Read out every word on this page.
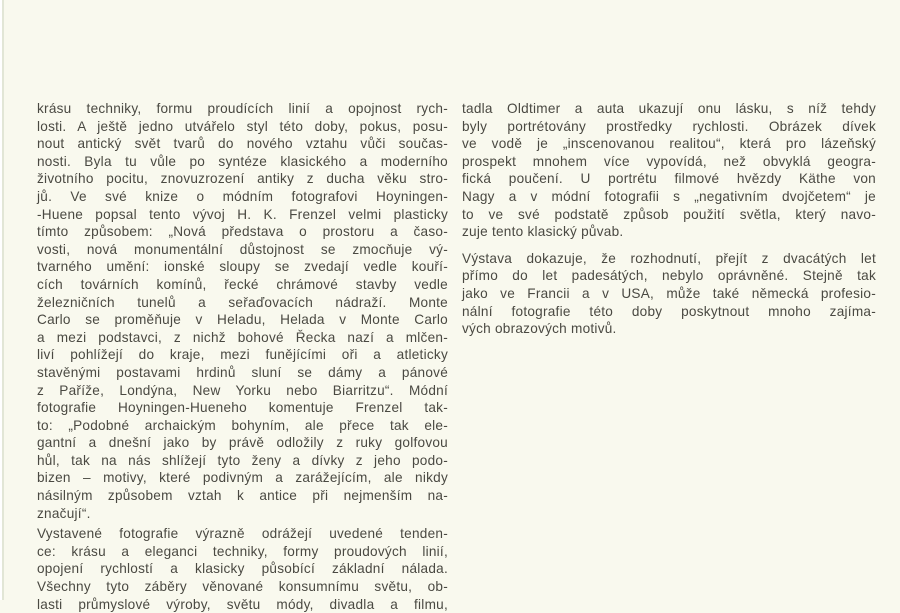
krásu techniky, formu proudících linií a opojnost rych-
losti. A ještě jedno utvářelo styl této doby, pokus, posu-
nout antický svět tvarů do nového vztahu vůči součas-
nosti. Byla tu vůle po syntéze klasického a moderního
životního pocitu, znovuzrození antiky z ducha věku stro-
jů. Ve své knize o módním fotografovi Hoyningen-
-Huene popsal tento vývoj H. K. Frenzel velmi plasticky
tímto způsobem: „Nová představa o prostoru a časo-
vosti, nová monumentální důstojnost se zmocňuje vý-
tvarného umění: ionské sloupy se zvedají vedle kouří-
cích továrních komínů, řecké chrámové stavby vedle
železničních tunelů a seřaďovacích nádraží. Monte
Carlo se proměňuje v Heladu, Helada v Monte Carlo
a mezi podstavci, z nichž bohové Řecka nazí a mlčen-
liví pohlížejí do kraje, mezi funějícími oři a atleticky
stavěnými postavami hrdinů sluní se dámy a pánové
z Paříže, Londýna, New Yorku nebo Biarritzu“. Módní
fotografie Hoyningen-Hueneho komentuje Frenzel tak-
to: „Podobné archaickým bohyním, ale přece tak ele-
gantní a dnešní jako by právě odložily z ruky golfovou
hůl, tak na nás shlížejí tyto ženy a dívky z jeho podo-
bizen – motivy, které podivným a zarážejícím, ale nikdy
násilným způsobem vztah k antice při nejmenším na-
značují“.
Vystavené fotografie výrazně odrážejí uvedené tenden-
ce: krásu a eleganci techniky, formy proudových linií,
opojení rychlostí a klasicky působící základní nálada.
Všechny tyto záběry věnované konsumnímu světu, ob-
lasti průmyslové výroby, světu módy, divadla a filmu,
tadla Oldtimer a auta ukazují onu lásku, s níž tehdy
byly portrétovány prostředky rychlosti. Obrázek dívek
ve vodě je „inscenovanou realitou“, která pro lázeňský
prospekt mnohem více vypovídá, než obvyklá geogra-
fická poučení. U portrétu filmové hvězdy Käthe von
Nagy a v módní fotografii s „negativním dvojčetem“ je
to ve své podstatě způsob použití světla, který navo-
zuje tento klasický půvab.
Výstava dokazuje, že rozhodnutí, přejít z dvacátých let
přímo do let padesátých, nebylo oprávněné. Stejně tak
jako ve Francii a v USA, může také německá profesio-
nální fotografie této doby poskytnout mnoho zajíma-
vých obrazových motivů.
